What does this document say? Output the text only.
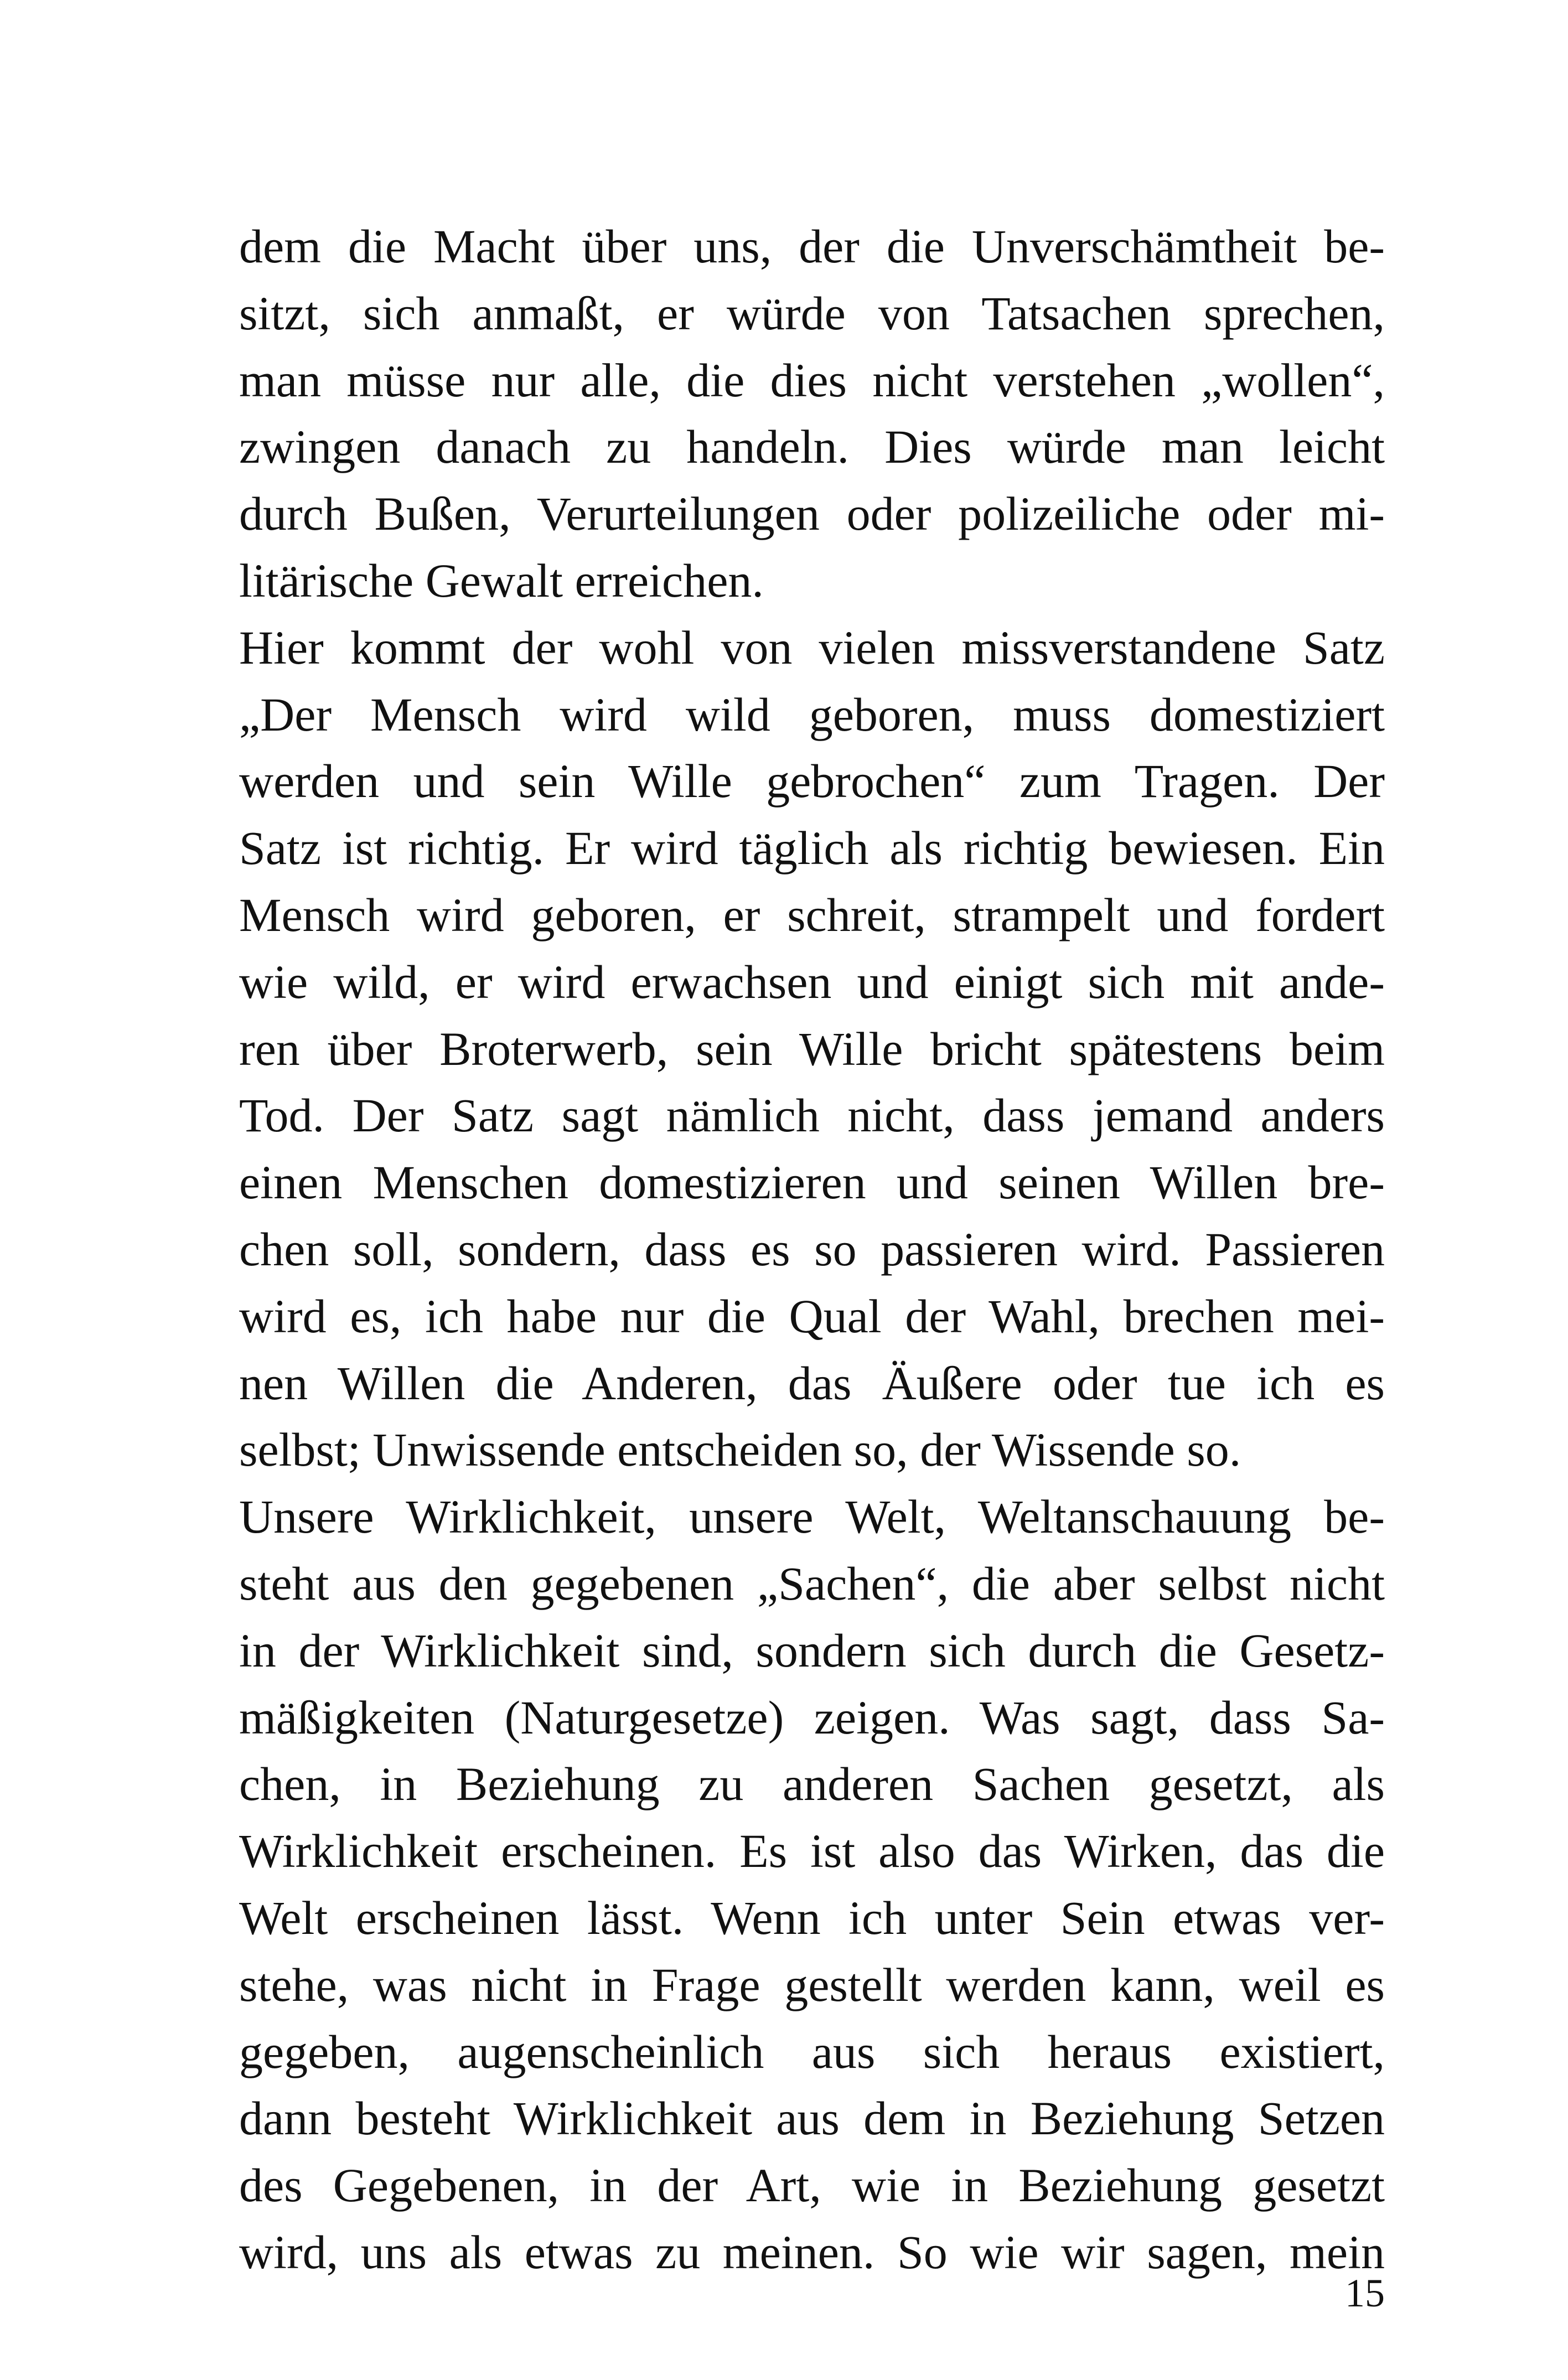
dem die Macht über uns, der die Unverschämtheit be-
sitzt, sich anmaßt, er würde von Tatsachen sprechen,
man müsse nur alle, die dies nicht verstehen „wollen“,
zwingen danach zu handeln. Dies würde man leicht
durch Bußen, Verurteilungen oder polizeiliche oder mi-
litärische Gewalt erreichen.
Hier kommt der wohl von vielen missverstandene Satz
„Der Mensch wird wild geboren, muss domestiziert
werden und sein Wille gebrochen“ zum Tragen. Der
Satz ist richtig. Er wird täglich als richtig bewiesen. Ein
Mensch wird geboren, er schreit, strampelt und fordert
wie wild, er wird erwachsen und einigt sich mit ande-
ren über Broterwerb, sein Wille bricht spätestens beim
Tod. Der Satz sagt nämlich nicht, dass jemand anders
einen Menschen domestizieren und seinen Willen bre-
chen soll, sondern, dass es so passieren wird. Passieren
wird es, ich habe nur die Qual der Wahl, brechen mei-
nen Willen die Anderen, das Äußere oder tue ich es
selbst; Unwissende entscheiden so, der Wissende so.
Unsere Wirklichkeit, unsere Welt, Weltanschauung be-
steht aus den gegebenen „Sachen“, die aber selbst nicht
in der Wirklichkeit sind, sondern sich durch die Gesetz-
mäßigkeiten (Naturgesetze) zeigen. Was sagt, dass Sa-
chen, in Beziehung zu anderen Sachen gesetzt, als
Wirklichkeit erscheinen. Es ist also das Wirken, das die
Welt erscheinen lässt. Wenn ich unter Sein etwas ver-
stehe, was nicht in Frage gestellt werden kann, weil es
gegeben, augenscheinlich aus sich heraus existiert,
dann besteht Wirklichkeit aus dem in Beziehung Setzen
des Gegebenen, in der Art, wie in Beziehung gesetzt
wird, uns als etwas zu meinen. So wie wir sagen, mein
15
